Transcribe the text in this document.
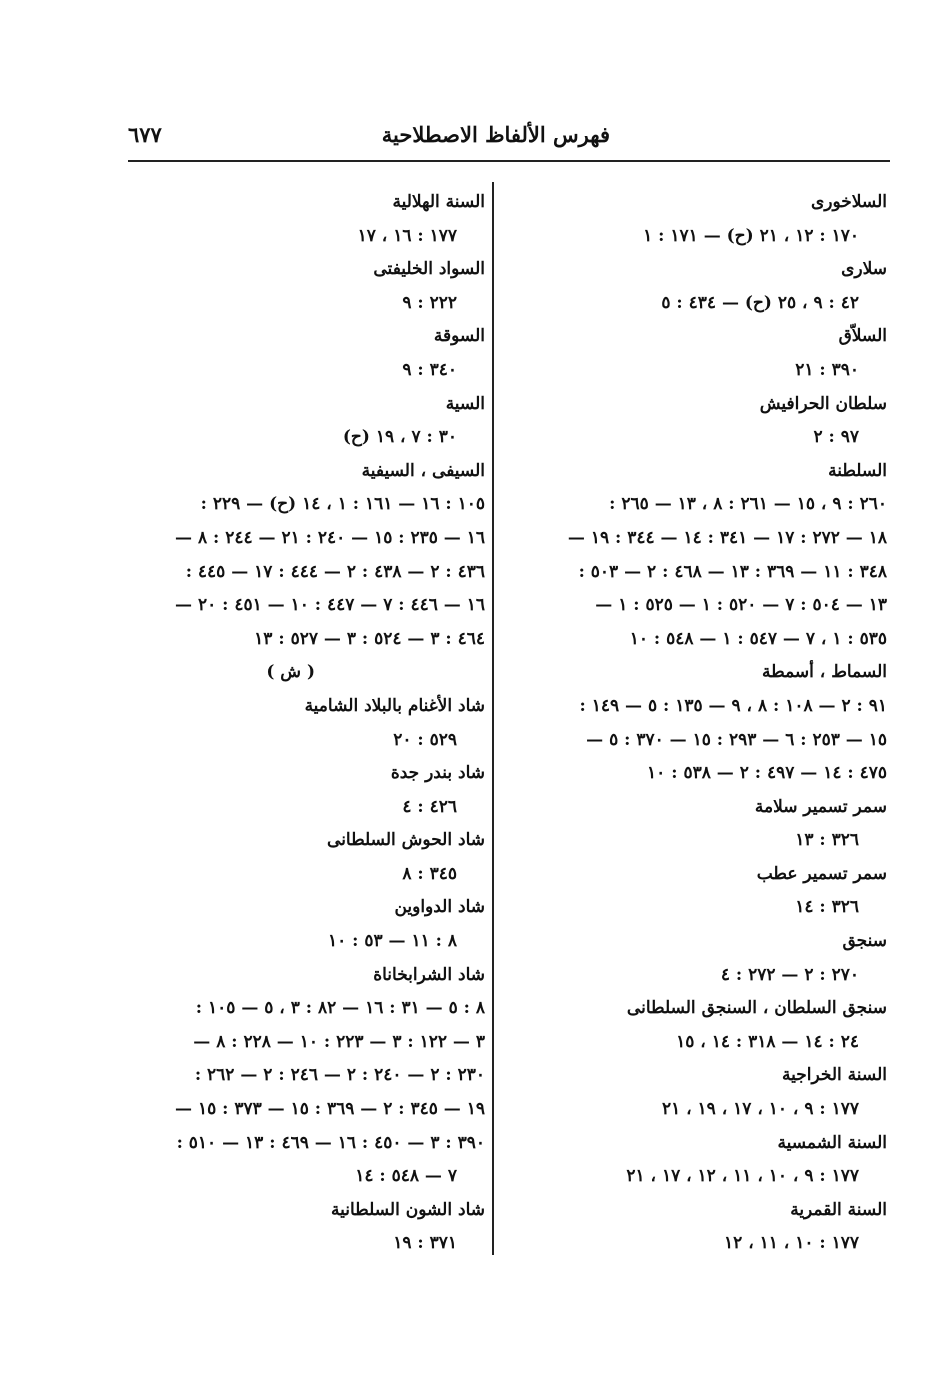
فهرس الألفاظ الاصطلاحية
٦٧٧
السلاخورى
١٧٠ : ١٢ ، ٢١ (ح) — ١٧١ : ١
سلارى
٤٢ : ٩ ، ٢٥ (ح) — ٤٣٤ : ٥
السلاّق
٣٩٠ : ٢١
سلطان الحرافيش
٩٧ : ٢
السلطنة
٢٦٠ : ٩ ، ١٥ — ٢٦١ : ٨ ، ١٣ — ٢٦٥ :
١٨ — ٢٧٢ : ١٧ — ٣٤١ : ١٤ — ٣٤٤ : ١٩ —
٣٤٨ : ١١ — ٣٦٩ : ١٣ — ٤٦٨ : ٢ — ٥٠٣ :
١٣ — ٥٠٤ : ٧ — ٥٢٠ : ١ — ٥٢٥ : ١ —
٥٣٥ : ١ ، ٧ — ٥٤٧ : ١ — ٥٤٨ : ١٠
السماط ، أسمطة
٩١ : ٢ — ١٠٨ : ٨ ، ٩ — ١٣٥ : ٥ — ١٤٩ :
١٥ — ٢٥٣ : ٦ — ٢٩٣ : ١٥ — ٣٧٠ : ٥ —
٤٧٥ : ١٤ — ٤٩٧ : ٢ — ٥٣٨ : ١٠
سمر تسمير سلامة
٣٢٦ : ١٣
سمر تسمير عطب
٣٢٦ : ١٤
سنجق
٢٧٠ : ٢ — ٢٧٢ : ٤
سنجق السلطان ، السنجق السلطانى
٢٤ : ١٤ — ٣١٨ : ١٤ ، ١٥
السنة الخراجية
١٧٧ : ٩ ، ١٠ ، ١٧ ، ١٩ ، ٢١
السنة الشمسية
١٧٧ : ٩ ، ١٠ ، ١١ ، ١٢ ، ١٧ ، ٢١
السنة القمرية
١٧٧ : ١٠ ، ١١ ، ١٢
السنة الهلالية
١٧٧ : ١٦ ، ١٧
السواد الخليفتى
٢٢٢ : ٩
السوقة
٣٤٠ : ٩
السية
٣٠ : ٧ ، ١٩ (ح)
السيفى ، السيفية
١٠٥ : ١٦ — ١٦١ : ١ ، ١٤ (ح) — ٢٢٩ :
١٦ — ٢٣٥ : ١٥ — ٢٤٠ : ٢١ — ٢٤٤ : ٨ —
٤٣٦ : ٢ — ٤٣٨ : ٢ — ٤٤٤ : ١٧ — ٤٤٥ :
١٦ — ٤٤٦ : ٧ — ٤٤٧ : ١٠ — ٤٥١ : ٢٠ —
٤٦٤ : ٣ — ٥٢٤ : ٣ — ٥٢٧ : ١٣
( ش )
شاد الأغنام بالبلاد الشامية
٥٢٩ : ٢٠
شاد بندر جدة
٤٢٦ : ٤
شاد الحوش السلطانى
٣٤٥ : ٨
شاد الدواوين
٨ : ١١ — ٥٣ : ١٠
شاد الشرابخاناة
٨ : ٥ — ٣١ : ١٦ — ٨٢ : ٣ ، ٥ — ١٠٥ :
٣ — ١٢٢ : ٣ — ٢٢٣ : ١٠ — ٢٢٨ : ٨ —
٢٣٠ : ٢ — ٢٤٠ : ٢ — ٢٤٦ : ٢ — ٢٦٢ :
١٩ — ٣٤٥ : ٢ — ٣٦٩ : ١٥ — ٣٧٣ : ١٥ —
٣٩٠ : ٣ — ٤٥٠ : ١٦ — ٤٦٩ : ١٣ — ٥١٠ :
٧ — ٥٤٨ : ١٤
شاد الشون السلطانية
٣٧١ : ١٩
